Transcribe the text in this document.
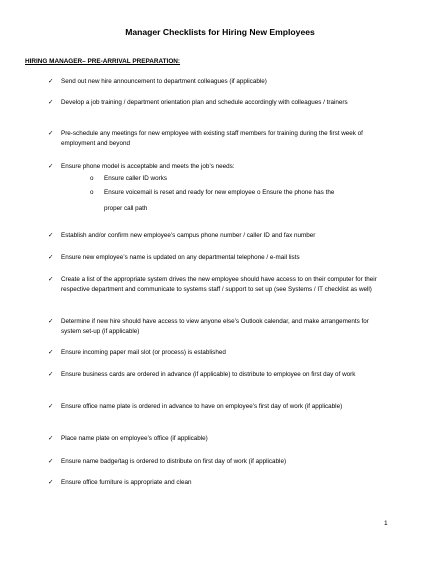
Manager Checklists for Hiring New Employees
HIRING MANAGER– PRE-ARRIVAL PREPARATION:
✓ Send out new hire announcement to department colleagues (if applicable)
✓ Develop a job training / department orientation plan and schedule accordingly with colleagues / trainers
✓ Pre-schedule any meetings for new employee with existing staff members for training during the first week of employment and beyond
✓ Ensure phone model is acceptable and meets the job’s needs:
o Ensure caller ID works
o Ensure voicemail is reset and ready for new employee o Ensure the phone has the
proper call path
✓ Establish and/or confirm new employee’s campus phone number / caller ID and fax number
✓ Ensure new employee’s name is updated on any departmental telephone / e-mail lists
✓ Create a list of the appropriate system drives the new employee should have access to on their computer for their respective department and communicate to systems staff / support to set up (see Systems / IT checklist as well)
✓ Determine if new hire should have access to view anyone else’s Outlook calendar, and make arrangements for system set-up (if applicable)
✓ Ensure incoming paper mail slot (or process) is established
✓ Ensure business cards are ordered in advance (if applicable) to distribute to employee on first day of work
✓ Ensure office name plate is ordered in advance to have on employee’s first day of work (if applicable)
✓ Place name plate on employee’s office (if applicable)
✓ Ensure name badge/tag is ordered to distribute on first day of work (if applicable)
✓ Ensure office furniture is appropriate and clean
1
